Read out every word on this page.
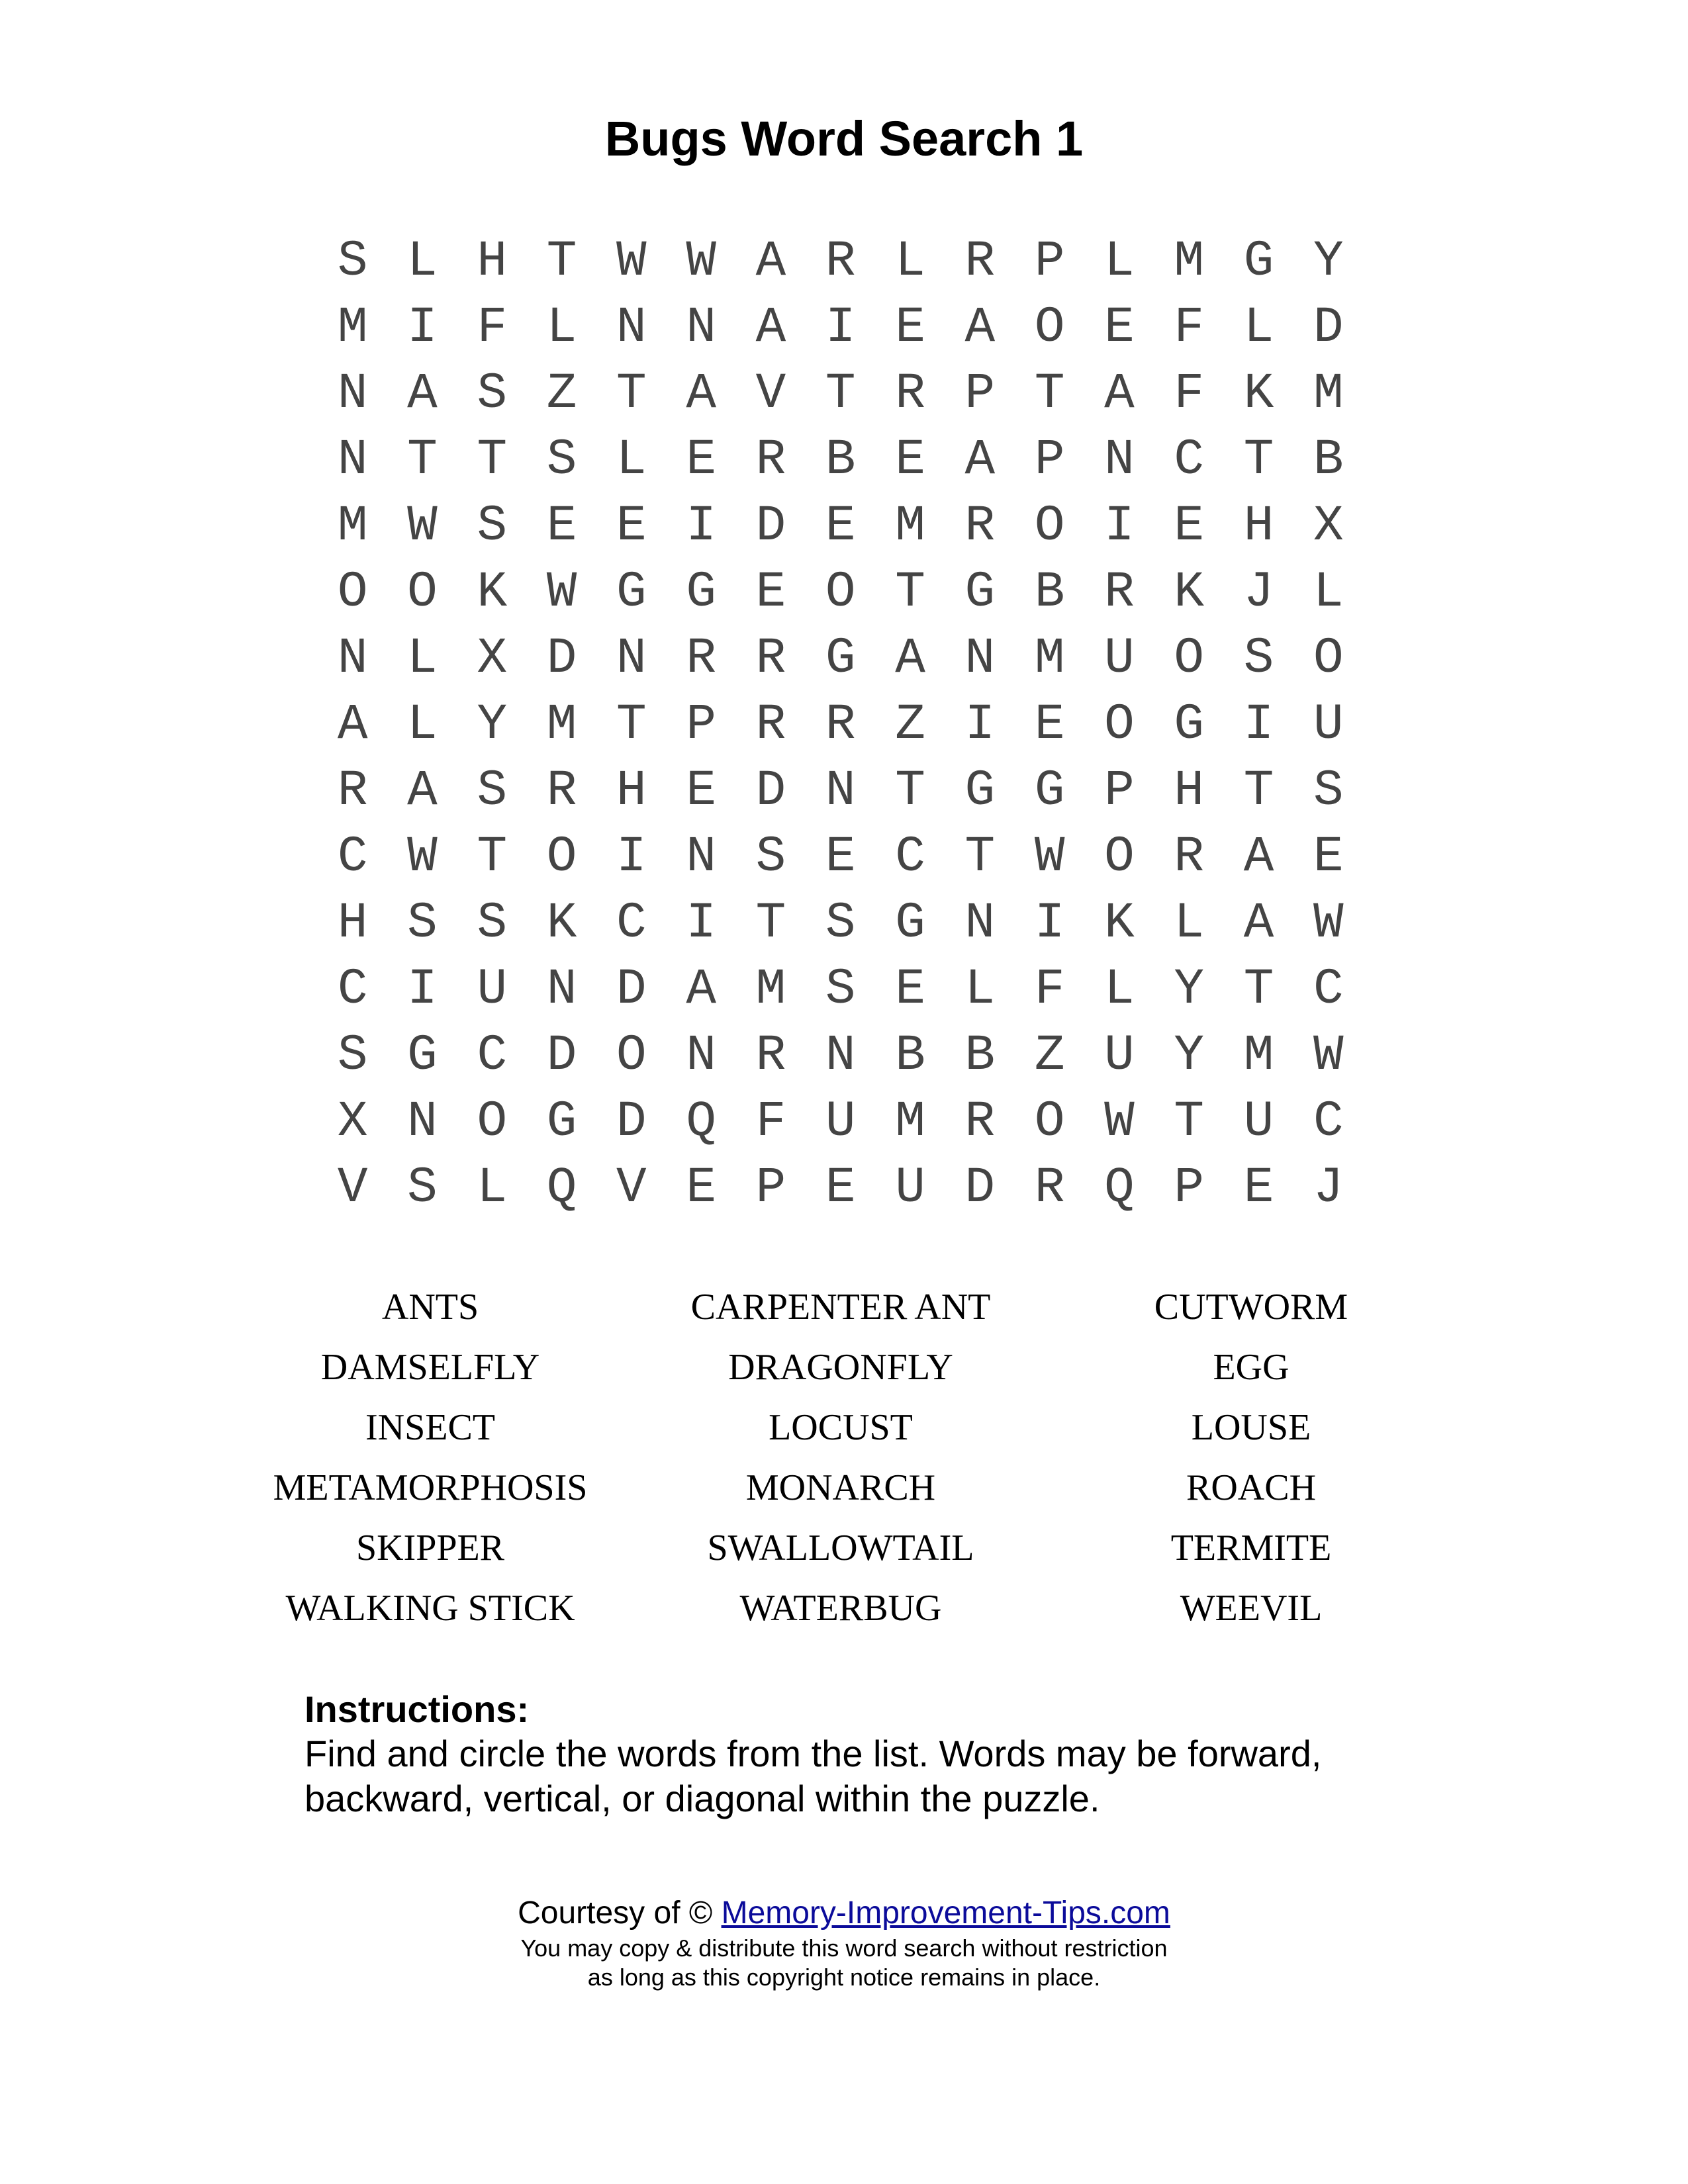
Bugs Word Search 1
S L H T W W A R L R P L M G Y
M I F L N N A I E A O E F L D
N A S Z T A V T R P T A F K M
N T T S L E R B E A P N C T B
M W S E E I D E M R O I E H X
O O K W G G E O T G B R K J L
N L X D N R R G A N M U O S O
A L Y M T P R R Z I E O G I U
R A S R H E D N T G G P H T S
C W T O I N S E C T W O R A E
H S S K C I T S G N I K L A W
C I U N D A M S E L F L Y T C
S G C D O N R N B B Z U Y M W
X N O G D Q F U M R O W T U C
V S L Q V E P E U D R Q P E J
ANTS	CARPENTER ANT	CUTWORM
DAMSELFLY	DRAGONFLY	EGG
INSECT	LOCUST	LOUSE
METAMORPHOSIS	MONARCH	ROACH
SKIPPER	SWALLOWTAIL	TERMITE
WALKING STICK	WATERBUG	WEEVIL
Instructions:
Find and circle the words from the list. Words may be forward,
backward, vertical, or diagonal within the puzzle.
Courtesy of © Memory-Improvement-Tips.com
You may copy & distribute this word search without restriction
as long as this copyright notice remains in place.
